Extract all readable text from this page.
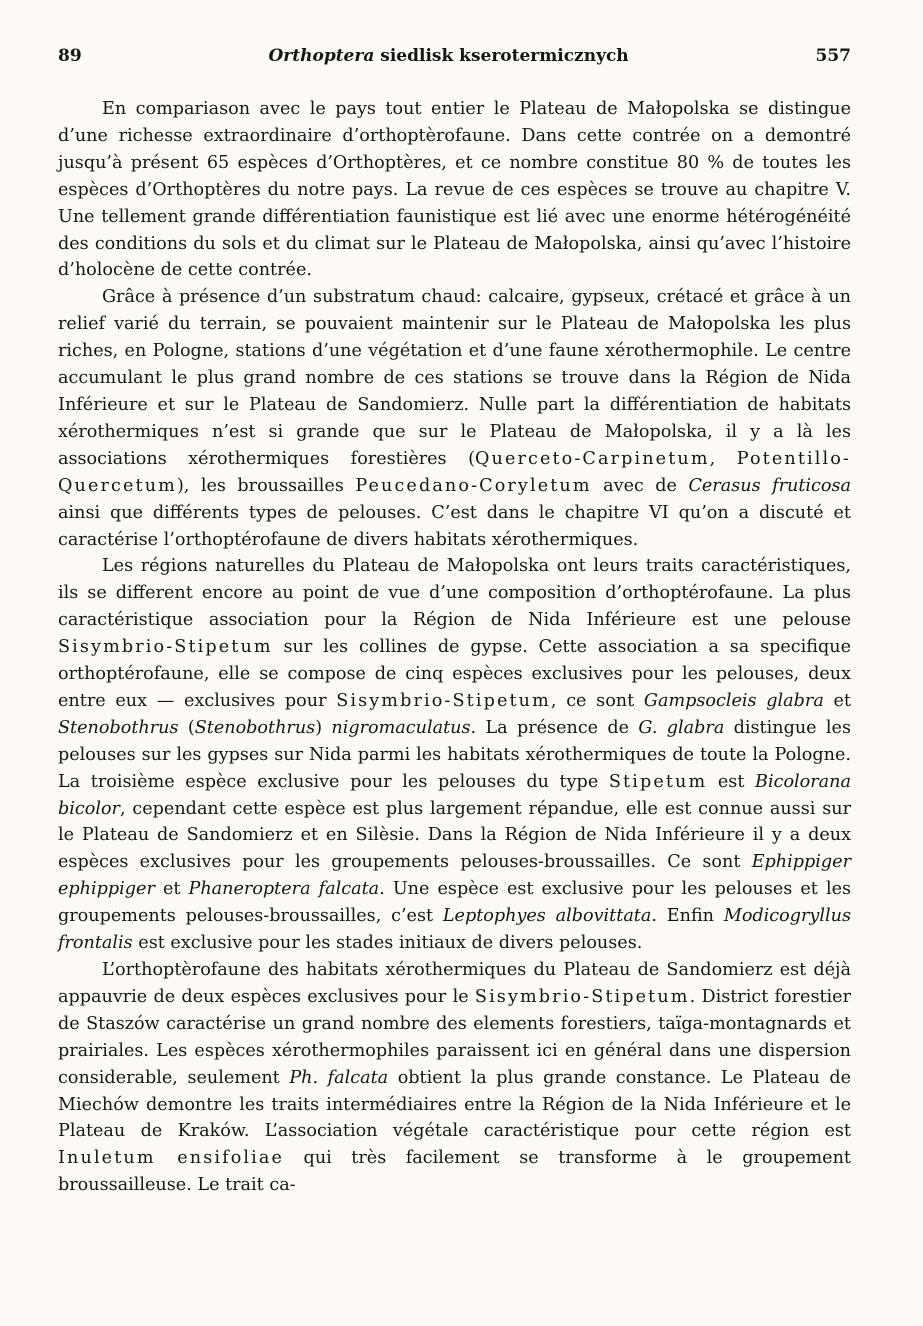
89	Orthoptera siedlisk kserotermicznych	557

En compariason avec le pays tout entier le Plateau de Małopolska se distingue d’une richesse extraordinaire d’orthoptèrofaune. Dans cette contrée on a demontré jusqu’à présent 65 espèces d’Orthoptères, et ce nombre constitue 80 % de toutes les espèces d’Orthoptères du notre pays. La revue de ces espèces se trouve au chapitre V. Une tellement grande différentiation faunistique est lié avec une enorme hétérogénéité des conditions du sols et du climat sur le Plateau de Małopolska, ainsi qu’avec l’histoire d’holocène de cette contrée.

Grâce à présence d’un substratum chaud: calcaire, gypseux, crétacé et grâce à un relief varié du terrain, se pouvaient maintenir sur le Plateau de Małopolska les plus riches, en Pologne, stations d’une végétation et d’une faune xérothermophile. Le centre accumulant le plus grand nombre de ces stations se trouve dans la Région de Nida Inférieure et sur le Plateau de Sandomierz. Nulle part la différentiation de habitats xérothermiques n’est si grande que sur le Plateau de Małopolska, il y a là les associations xérothermiques forestières (Querceto-Carpinetum, Potentillo-Quercetum), les broussailles Peucedano-Coryletum avec de Cerasus fruticosa ainsi que différents types de pelouses. C’est dans le chapitre VI qu’on a discuté et caractérise l’orthoptérofaune de divers habitats xérothermiques.

Les régions naturelles du Plateau de Małopolska ont leurs traits caractéristiques, ils se different encore au point de vue d’une composition d’orthoptérofaune. La plus caractéristique association pour la Région de Nida Inférieure est une pelouse Sisymbrio-Stipetum sur les collines de gypse. Cette association a sa specifique orthoptérofaune, elle se compose de cinq espèces exclusives pour les pelouses, deux entre eux — exclusives pour Sisymbrio-Stipetum, ce sont Gampsocleis glabra et Stenobothrus (Stenobothrus) nigromaculatus. La présence de G. glabra distingue les pelouses sur les gypses sur Nida parmi les habitats xérothermiques de toute la Pologne. La troisième espèce exclusive pour les pelouses du type Stipetum est Bicolorana bicolor, cependant cette espèce est plus largement répandue, elle est connue aussi sur le Plateau de Sandomierz et en Silèsie. Dans la Région de Nida Inférieure il y a deux espèces exclusives pour les groupements pelouses-broussailles. Ce sont Ephippiger ephippiger et Phaneroptera falcata. Une espèce est exclusive pour les pelouses et les groupements pelouses-broussailles, c’est Leptophyes albovittata. Enfin Modicogryllus frontalis est exclusive pour les stades initiaux de divers pelouses.

L’orthoptèrofaune des habitats xérothermiques du Plateau de Sandomierz est déjà appauvrie de deux espèces exclusives pour le Sisymbrio-Stipetum. District forestier de Staszów caractérise un grand nombre des elements forestiers, taïga-montagnards et prairiales. Les espèces xérothermophiles paraissent ici en général dans une dispersion considerable, seulement Ph. falcata obtient la plus grande constance. Le Plateau de Miechów demontre les traits intermédiaires entre la Région de la Nida Inférieure et le Plateau de Kraków. L’association végétale caractéristique pour cette région est Inuletum ensifoliae qui très facilement se transforme à le groupement broussailleuse. Le trait ca-
